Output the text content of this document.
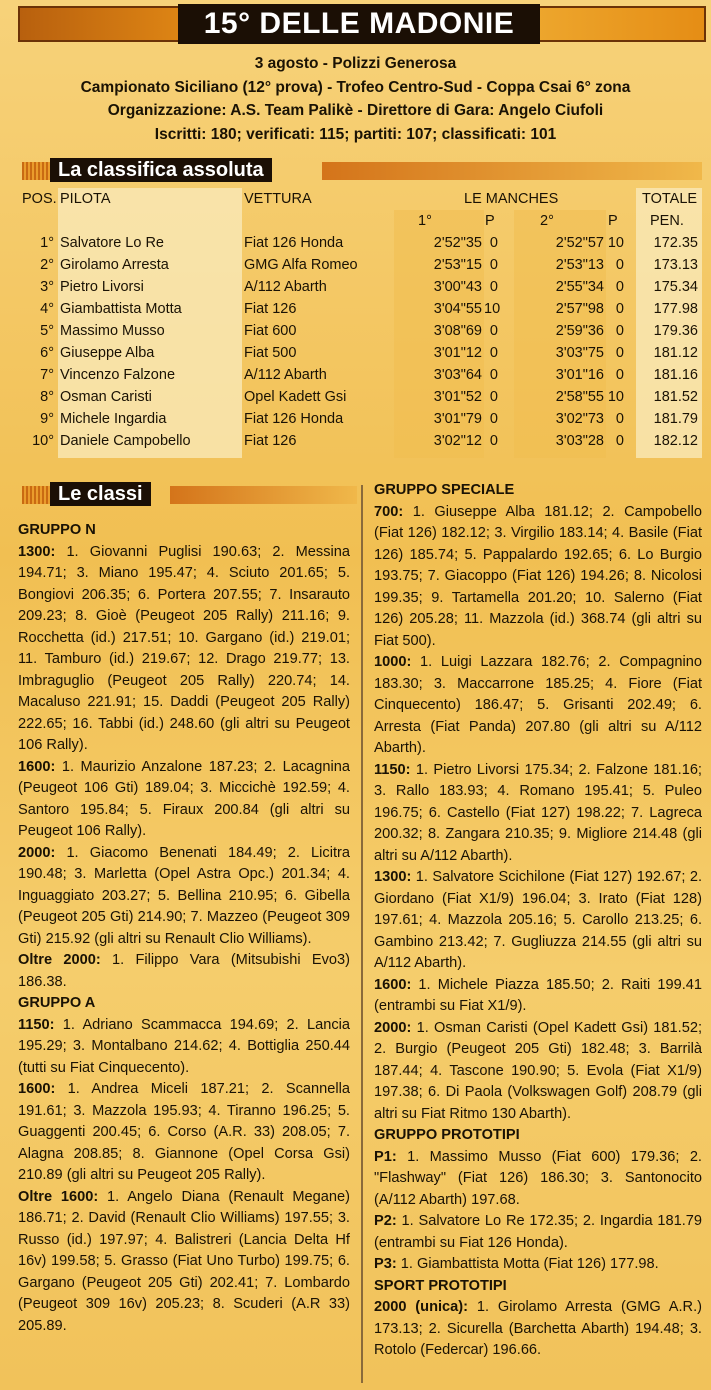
15° DELLE MADONIE
3 agosto - Polizzi Generosa
Campionato Siciliano (12° prova) - Trofeo Centro-Sud - Coppa Csai 6° zona
Organizzazione: A.S. Team Palikè - Direttore di Gara: Angelo Ciufoli
Iscritti: 180; verificati: 115; partiti: 107; classificati: 101
La classifica assoluta
POS. PILOTA	VETTURA	LE MANCHES	TOTALE
1°	P	2°	P PEN.
1° Salvatore Lo Re	Fiat 126 Honda	2'52"35 0	2'52"57 10	172.35
2° Girolamo Arresta	GMG Alfa Romeo	2'53"15 0	2'53"13 0	173.13
3° Pietro Livorsi	A/112 Abarth	3'00"43 0	2'55"34 0	175.34
4° Giambattista Motta	Fiat 126	3'04"55 10	2'57"98 0	177.98
5° Massimo Musso	Fiat 600	3'08"69 0	2'59"36 0	179.36
6° Giuseppe Alba	Fiat 500	3'01"12 0	3'03"75 0	181.12
7° Vincenzo Falzone	A/112 Abarth	3'03"64 0	3'01"16 0	181.16
8° Osman Caristi	Opel Kadett Gsi	3'01"52 0	2'58"55 10	181.52
9° Michele Ingardia	Fiat 126 Honda	3'01"79 0	3'02"73 0	181.79
10° Daniele Campobello	Fiat 126	3'02"12 0	3'03"28 0	182.12
Le classi

GRUPPO N

1300: 1. Giovanni Puglisi 190.63; 2. Messina 194.71; 3. Miano 195.47; 4. Sciuto 201.65; 5. Bongiovi 206.35; 6. Portera 207.55; 7. Insarauto 209.23; 8. Gioè (Peugeot 205 Rally) 211.16; 9. Rocchetta (id.) 217.51; 10. Gargano (id.) 219.01; 11. Tamburo (id.) 219.67; 12. Drago 219.77; 13. Imbraguglio (Peugeot 205 Rally) 220.74; 14. Macaluso 221.91; 15. Daddi (Peugeot 205 Rally) 222.65; 16. Tabbi (id.) 248.60 (gli altri su Peugeot 106 Rally).

1600: 1. Maurizio Anzalone 187.23; 2. Lacagnina (Peugeot 106 Gti) 189.04; 3. Miccichè 192.59; 4. Santoro 195.84; 5. Firaux 200.84 (gli altri su Peugeot 106 Rally).

2000: 1. Giacomo Benenati 184.49; 2. Licitra 190.48; 3. Marletta (Opel Astra Opc.) 201.34; 4. Inguaggiato 203.27; 5. Bellina 210.95; 6. Gibella (Peugeot 205 Gti) 214.90; 7. Mazzeo (Peugeot 309 Gti) 215.92 (gli altri su Renault Clio Williams).

Oltre 2000: 1. Filippo Vara (Mitsubishi Evo3) 186.38.

GRUPPO A

1150: 1. Adriano Scammacca 194.69; 2. Lancia 195.29; 3. Montalbano 214.62; 4. Bottiglia 250.44 (tutti su Fiat Cinquecento).

1600: 1. Andrea Miceli 187.21; 2. Scannella 191.61; 3. Mazzola 195.93; 4. Tiranno 196.25; 5. Guaggenti 200.45; 6. Corso (A.R. 33) 208.05; 7. Alagna 208.85; 8. Giannone (Opel Corsa Gsi) 210.89 (gli altri su Peugeot 205 Rally).

Oltre 1600: 1. Angelo Diana (Renault Megane) 186.71; 2. David (Renault Clio Williams) 197.55; 3. Russo (id.) 197.97; 4. Balistreri (Lancia Delta Hf 16v) 199.58; 5. Grasso (Fiat Uno Turbo) 199.75; 6. Gargano (Peugeot 205 Gti) 202.41; 7. Lombardo (Peugeot 309 16v) 205.23; 8. Scuderi (A.R 33) 205.89.

GRUPPO SPECIALE

700: 1. Giuseppe Alba 181.12; 2. Campobello (Fiat 126) 182.12; 3. Virgilio 183.14; 4. Basile (Fiat 126) 185.74; 5. Pappalardo 192.65; 6. Lo Burgio 193.75; 7. Giacoppo (Fiat 126) 194.26; 8. Nicolosi 199.35; 9. Tartamella 201.20; 10. Salerno (Fiat 126) 205.28; 11. Mazzola (id.) 368.74 (gli altri su Fiat 500).

1000: 1. Luigi Lazzara 182.76; 2. Compagnino 183.30; 3. Maccarrone 185.25; 4. Fiore (Fiat Cinquecento) 186.47; 5. Grisanti 202.49; 6. Arresta (Fiat Panda) 207.80 (gli altri su A/112 Abarth).

1150: 1. Pietro Livorsi 175.34; 2. Falzone 181.16; 3. Rallo 183.93; 4. Romano 195.41; 5. Puleo 196.75; 6. Castello (Fiat 127) 198.22; 7. Lagreca 200.32; 8. Zangara 210.35; 9. Migliore 214.48 (gli altri su A/112 Abarth).

1300: 1. Salvatore Scichilone (Fiat 127) 192.67; 2. Giordano (Fiat X1/9) 196.04; 3. Irato (Fiat 128) 197.61; 4. Mazzola 205.16; 5. Carollo 213.25; 6. Gambino 213.42; 7. Gugliuzza 214.55 (gli altri su A/112 Abarth).

1600: 1. Michele Piazza 185.50; 2. Raiti 199.41 (entrambi su Fiat X1/9).

2000: 1. Osman Caristi (Opel Kadett Gsi) 181.52; 2. Burgio (Peugeot 205 Gti) 182.48; 3. Barrilà 187.44; 4. Tascone 190.90; 5. Evola (Fiat X1/9) 197.38; 6. Di Paola (Volkswagen Golf) 208.79 (gli altri su Fiat Ritmo 130 Abarth).

GRUPPO PROTOTIPI

P1: 1. Massimo Musso (Fiat 600) 179.36; 2. "Flashway" (Fiat 126) 186.30; 3. Santonocito (A/112 Abarth) 197.68.

P2: 1. Salvatore Lo Re 172.35; 2. Ingardia 181.79 (entrambi su Fiat 126 Honda).

P3: 1. Giambattista Motta (Fiat 126) 177.98.

SPORT PROTOTIPI

2000 (unica): 1. Girolamo Arresta (GMG A.R.) 173.13; 2. Sicurella (Barchetta Abarth) 194.48; 3. Rotolo (Federcar) 196.66.
